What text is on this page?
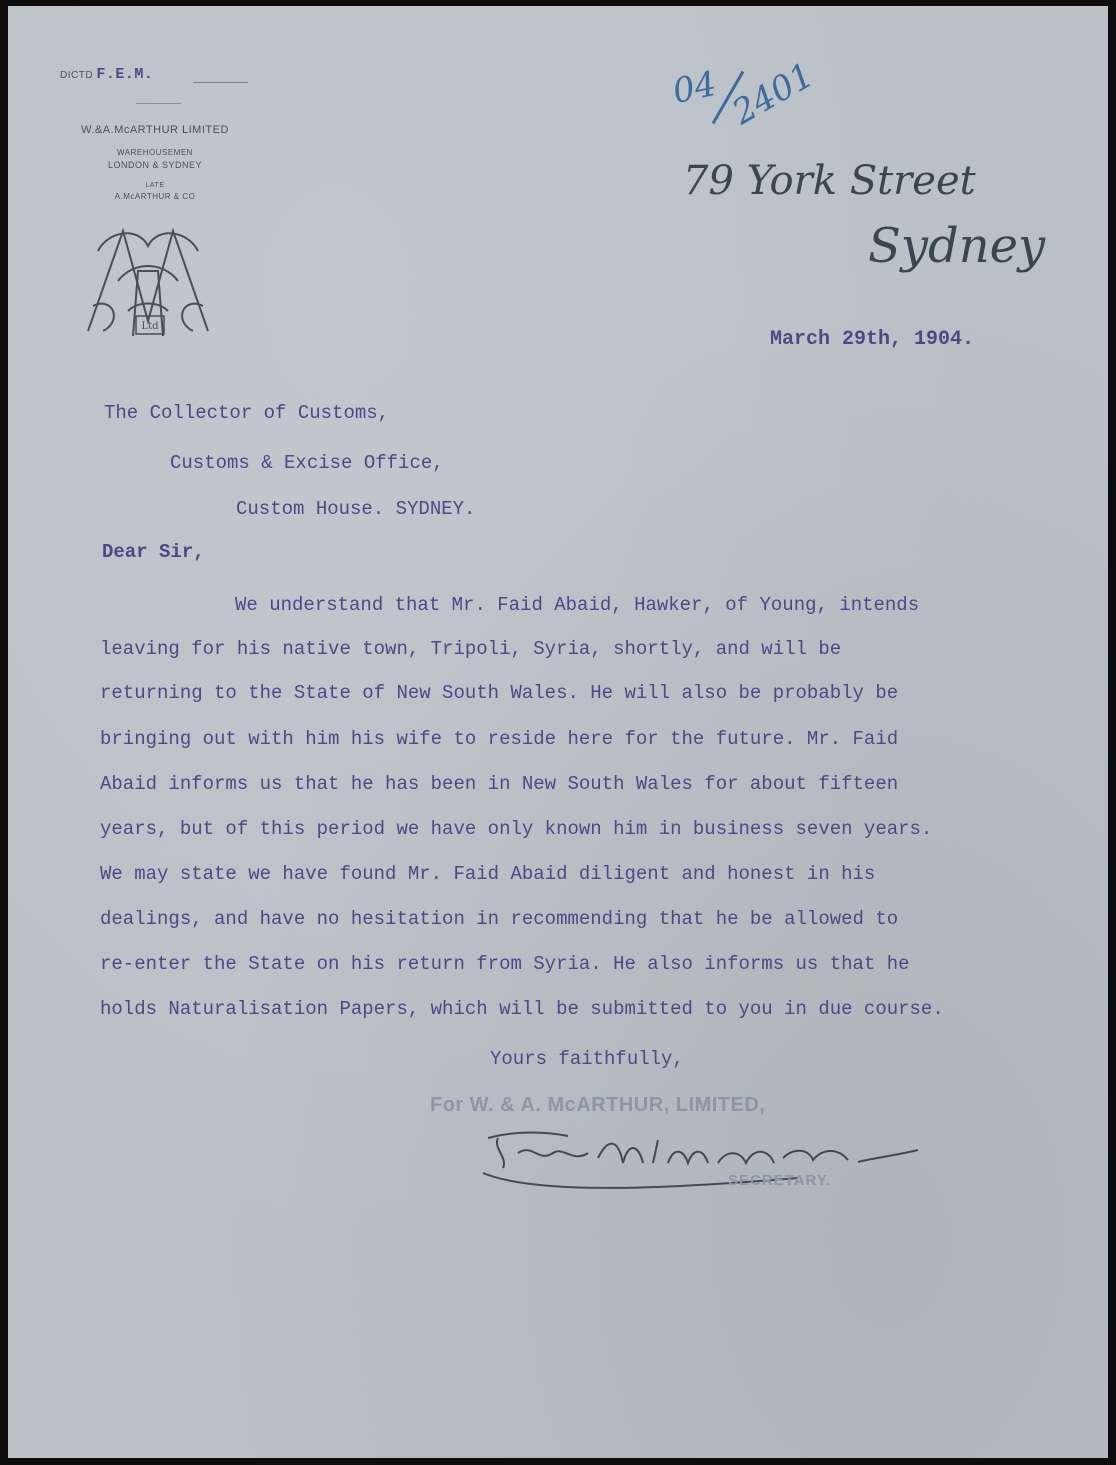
DICTD F.E.M.
W.&A.McARTHUR LIMITED
WAREHOUSEMEN
LONDON & SYDNEY
LATE
A.McARTHUR & CO
Ltd
04 2401
79 York Street
Sydney
March 29th, 1904.
The Collector of Customs,
Customs & Excise Office,
Custom House. SYDNEY.
Dear Sir,
We understand that Mr. Faid Abaid, Hawker, of Young, intends
leaving for his native town, Tripoli, Syria, shortly, and will be
returning to the State of New South Wales. He will also be probably be
bringing out with him his wife to reside here for the future. Mr. Faid
Abaid informs us that he has been in New South Wales for about fifteen
years, but of this period we have only known him in business seven years.
We may state we have found Mr. Faid Abaid diligent and honest in his
dealings, and have no hesitation in recommending that he be allowed to
re-enter the State on his return from Syria. He also informs us that he
holds Naturalisation Papers, which will be submitted to you in due course.
Yours faithfully,
For W. & A. McARTHUR, LIMITED,
SECRETARY.
